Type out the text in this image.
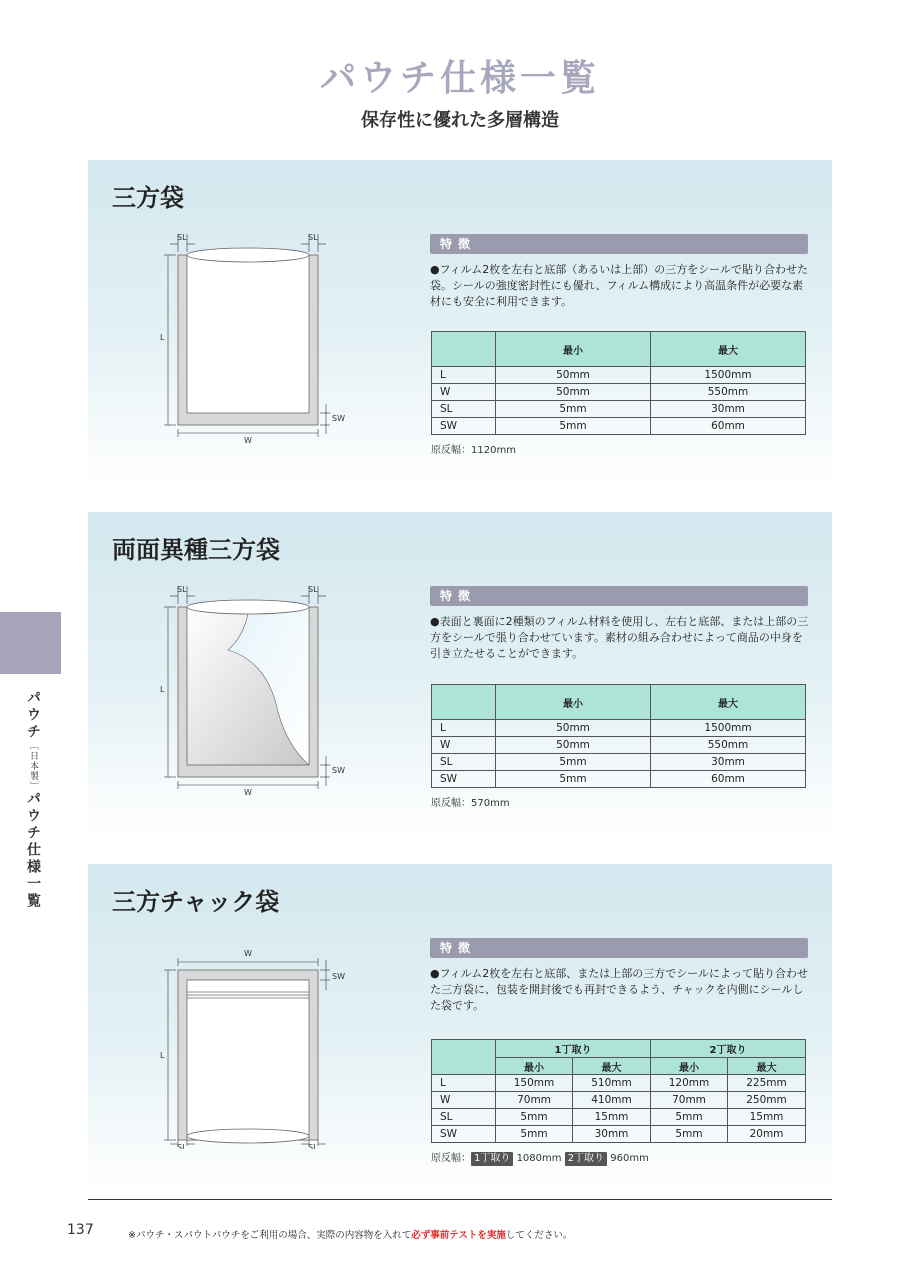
パウチ仕様一覧
保存性に優れた多層構造
パウチ［日本製］パウチ仕様一覧
三方袋
SL	SL
L
W
SW
特徴
●フィルム2枚を左右と底部（あるいは上部）の三方をシールで貼り合わせた袋。シールの強度密封性にも優れ、フィルム構成により高温条件が必要な素材にも安全に利用できます。
	最小	最大
L	50mm	1500mm
W	50mm	550mm
SL	5mm	30mm
SW	5mm	60mm
原反幅：1120mm
両面異種三方袋
SL	SL
L
W
SW
特徴
●表面と裏面に2種類のフィルム材料を使用し、左右と底部、または上部の三方をシールで張り合わせています。素材の組み合わせによって商品の中身を引き立たせることができます。
	最小	最大
L	50mm	1500mm
W	50mm	550mm
SL	5mm	30mm
SW	5mm	60mm
原反幅：570mm
三方チャック袋
W
SW
L
SL	SL
特徴
●フィルム2枚を左右と底部、または上部の三方でシールによって貼り合わせた三方袋に、包装を開封後でも再封できるよう、チャックを内側にシールした袋です。
	1丁取り		2丁取り	
	最小	最大	最小	最大
L	150mm	510mm	120mm	225mm
W	70mm	410mm	70mm	250mm
SL	5mm	15mm	5mm	15mm
SW	5mm	30mm	5mm	20mm
原反幅： 1丁取り 1080mm 2丁取り 960mm
137	※パウチ・スパウトパウチをご利用の場合、実際の内容物を入れて必ず事前テストを実施してください。
